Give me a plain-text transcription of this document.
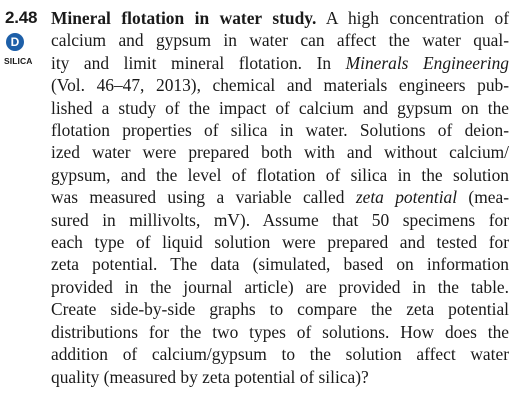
2.48
D
SILICA

Mineral flotation in water study. A high concentration of
calcium and gypsum in water can affect the water qual-
ity and limit mineral flotation. In Minerals Engineering
(Vol. 46–47, 2013), chemical and materials engineers pub-
lished a study of the impact of calcium and gypsum on the
flotation properties of silica in water. Solutions of deion-
ized water were prepared both with and without calcium/
gypsum, and the level of flotation of silica in the solution
was measured using a variable called zeta potential (mea-
sured in millivolts, mV). Assume that 50 specimens for
each type of liquid solution were prepared and tested for
zeta potential. The data (simulated, based on information
provided in the journal article) are provided in the table.
Create side-by-side graphs to compare the zeta potential
distributions for the two types of solutions. How does the
addition of calcium/gypsum to the solution affect water
quality (measured by zeta potential of silica)?
